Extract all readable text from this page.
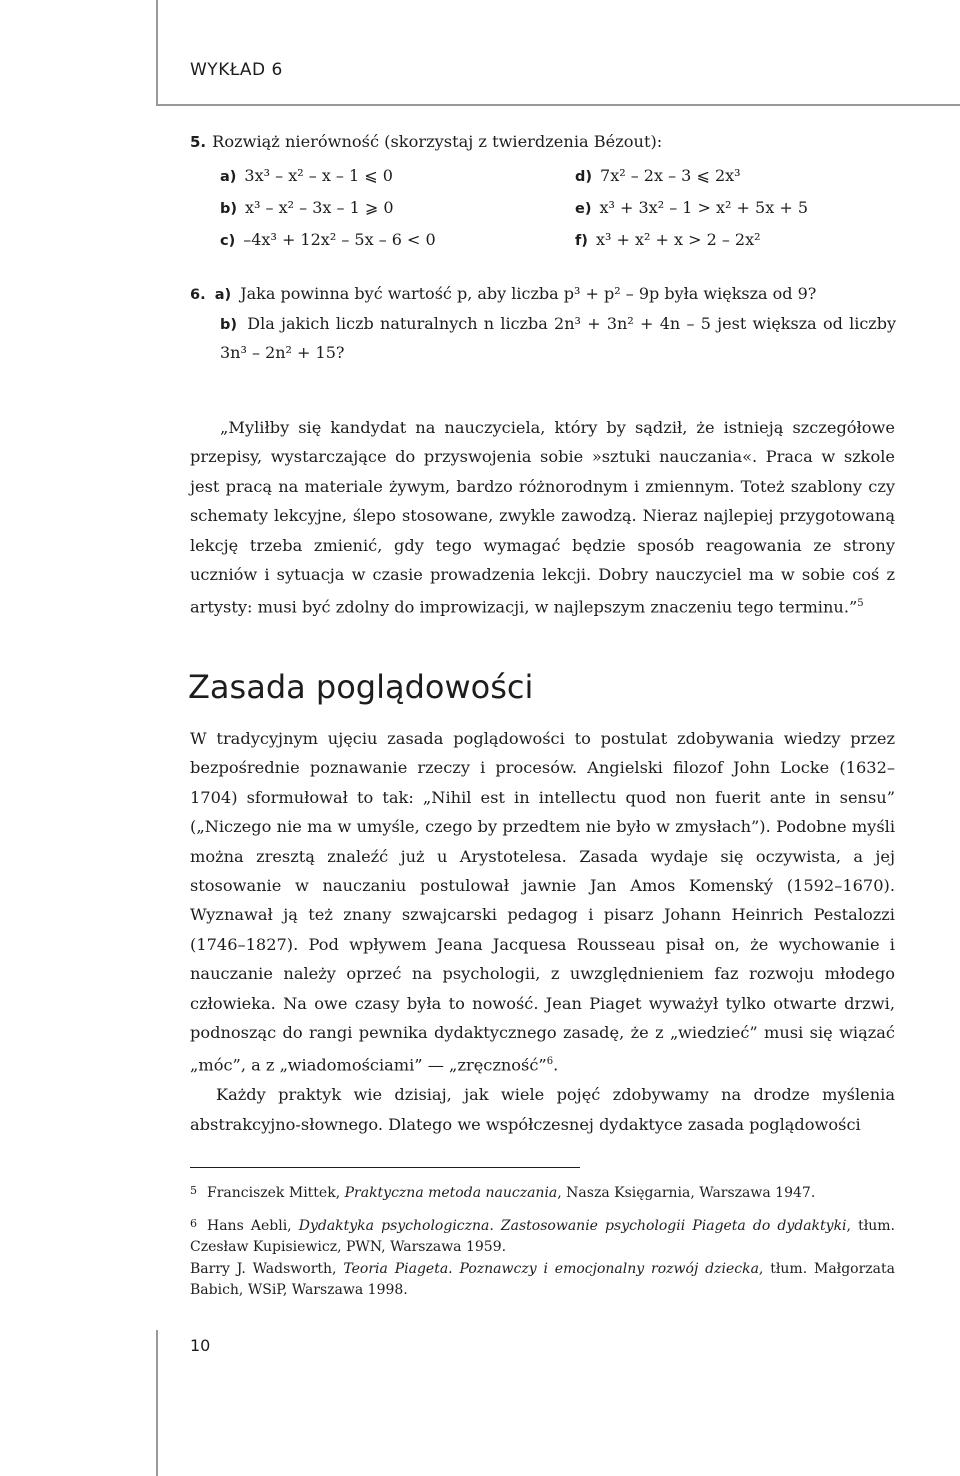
WYKŁAD 6
5. Rozwiąż nierówność (skorzystaj z twierdzenia Bézout):
a) 3x³ – x² – x – 1 ⩽ 0
b) x³ – x² – 3x – 1 ⩾ 0
c) –4x³ + 12x² – 5x – 6 < 0
d) 7x² – 2x – 3 ⩽ 2x³
e) x³ + 3x² – 1 > x² + 5x + 5
f) x³ + x² + x > 2 – 2x²

6. a) Jaka powinna być wartość p, aby liczba p³ + p² – 9p była większa od 9?

b) Dla jakich liczb naturalnych n liczba 2n³ + 3n² + 4n – 5 jest większa od liczby 3n³ – 2n² + 15?

„Myliłby się kandydat na nauczyciela, który by sądził, że istnieją szczegółowe przepisy, wystarczające do przyswojenia sobie »sztuki nauczania«. Praca w szkole jest pracą na materiale żywym, bardzo różnorodnym i zmiennym. Toteż szablony czy schematy lekcyjne, ślepo stosowane, zwykle zawodzą. Nieraz najlepiej przygotowaną lekcję trzeba zmienić, gdy tego wymagać będzie sposób reagowania ze strony uczniów i sytuacja w czasie prowadzenia lekcji. Dobry nauczyciel ma w sobie coś z artysty: musi być zdolny do improwizacji, w najlepszym znaczeniu tego terminu.”$^5$

Zasada poglądowości

W tradycyjnym ujęciu zasada poglądowości to postulat zdobywania wiedzy przez bezpośrednie poznawanie rzeczy i procesów. Angielski filozof John Locke (1632–1704) sformułował to tak: „Nihil est in intellectu quod non fuerit ante in sensu” („Niczego nie ma w umyśle, czego by przedtem nie było w zmysłach”). Podobne myśli można zresztą znaleźć już u Arystotelesa. Zasada wydaje się oczywista, a jej stosowanie w nauczaniu postulował jawnie Jan Amos Komenský (1592–1670). Wyznawał ją też znany szwajcarski pedagog i pisarz Johann Heinrich Pestalozzi (1746–1827). Pod wpływem Jeana Jacquesa Rousseau pisał on, że wychowanie i nauczanie należy oprzeć na psychologii, z uwzględnieniem faz rozwoju młodego człowieka. Na owe czasy była to nowość. Jean Piaget wyważył tylko otwarte drzwi, podnosząc do rangi pewnika dydaktycznego zasadę, że z „wiedzieć” musi się wiązać „móc”, a z „wiadomościami” — „zręczność”$^6$.

Każdy praktyk wie dzisiaj, jak wiele pojęć zdobywamy na drodze myślenia abstrakcyjno-słownego. Dlatego we współczesnej dydaktyce zasada poglądowości

$^5$ Franciszek Mittek, Praktyczna metoda nauczania, Nasza Księgarnia, Warszawa 1947.

$^6$ Hans Aebli, Dydaktyka psychologiczna. Zastosowanie psychologii Piageta do dydaktyki, tłum. Czesław Kupisiewicz, PWN, Warszawa 1959.

Barry J. Wadsworth, Teoria Piageta. Poznawczy i emocjonalny rozwój dziecka, tłum. Małgorzata Babich, WSiP, Warszawa 1998.

10
